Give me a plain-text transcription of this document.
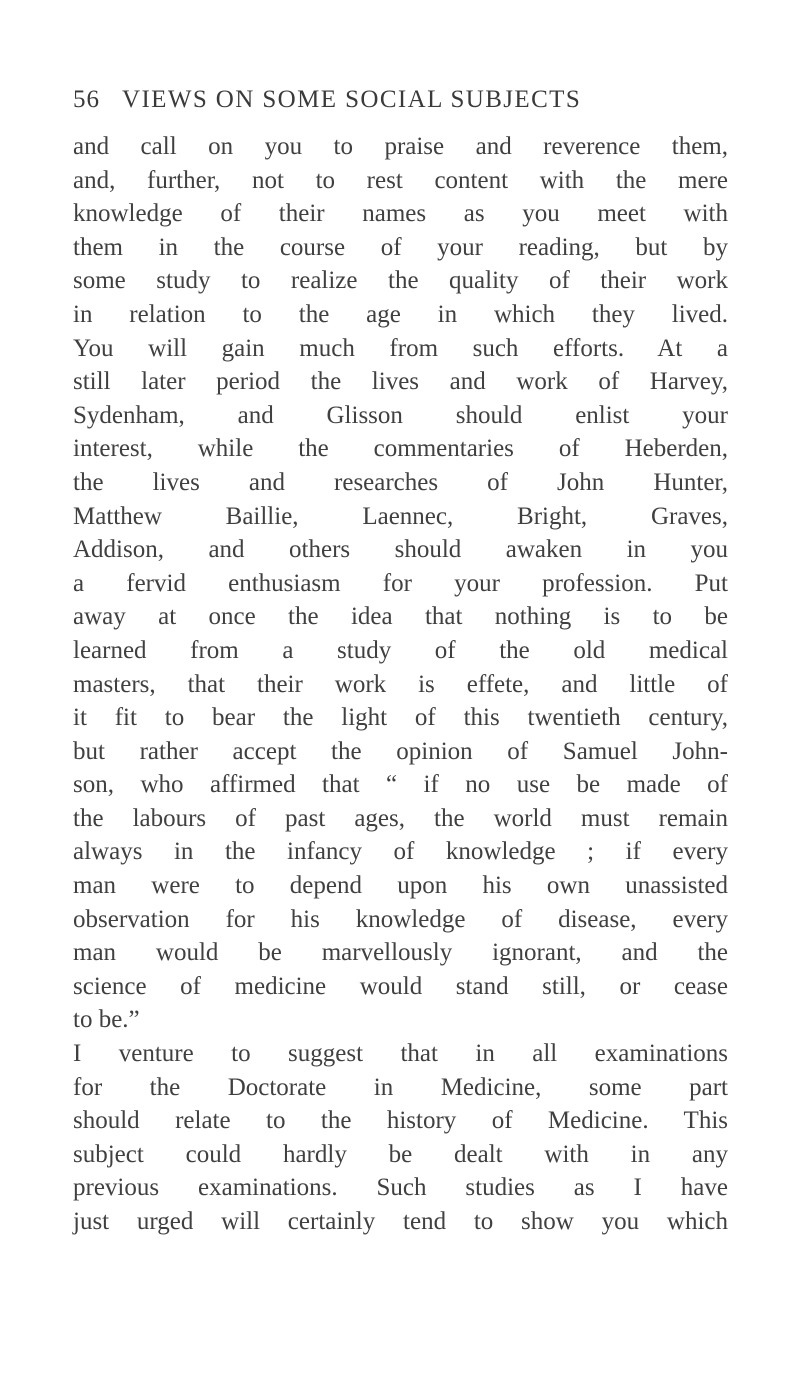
56 VIEWS ON SOME SOCIAL SUBJECTS
and call on you to praise and reverence them,
and, further, not to rest content with the mere
knowledge of their names as you meet with
them in the course of your reading, but by
some study to realize the quality of their work
in relation to the age in which they lived.
You will gain much from such efforts. At a
still later period the lives and work of Harvey,
Sydenham, and Glisson should enlist your
interest, while the commentaries of Heberden,
the lives and researches of John Hunter,
Matthew Baillie, Laennec, Bright, Graves,
Addison, and others should awaken in you
a fervid enthusiasm for your profession. Put
away at once the idea that nothing is to be
learned from a study of the old medical
masters, that their work is effete, and little of
it fit to bear the light of this twentieth century,
but rather accept the opinion of Samuel John-
son, who affirmed that “ if no use be made of
the labours of past ages, the world must remain
always in the infancy of knowledge ; if every
man were to depend upon his own unassisted
observation for his knowledge of disease, every
man would be marvellously ignorant, and the
science of medicine would stand still, or cease
to be.”
I venture to suggest that in all examinations
for the Doctorate in Medicine, some part
should relate to the history of Medicine. This
subject could hardly be dealt with in any
previous examinations. Such studies as I have
just urged will certainly tend to show you which
